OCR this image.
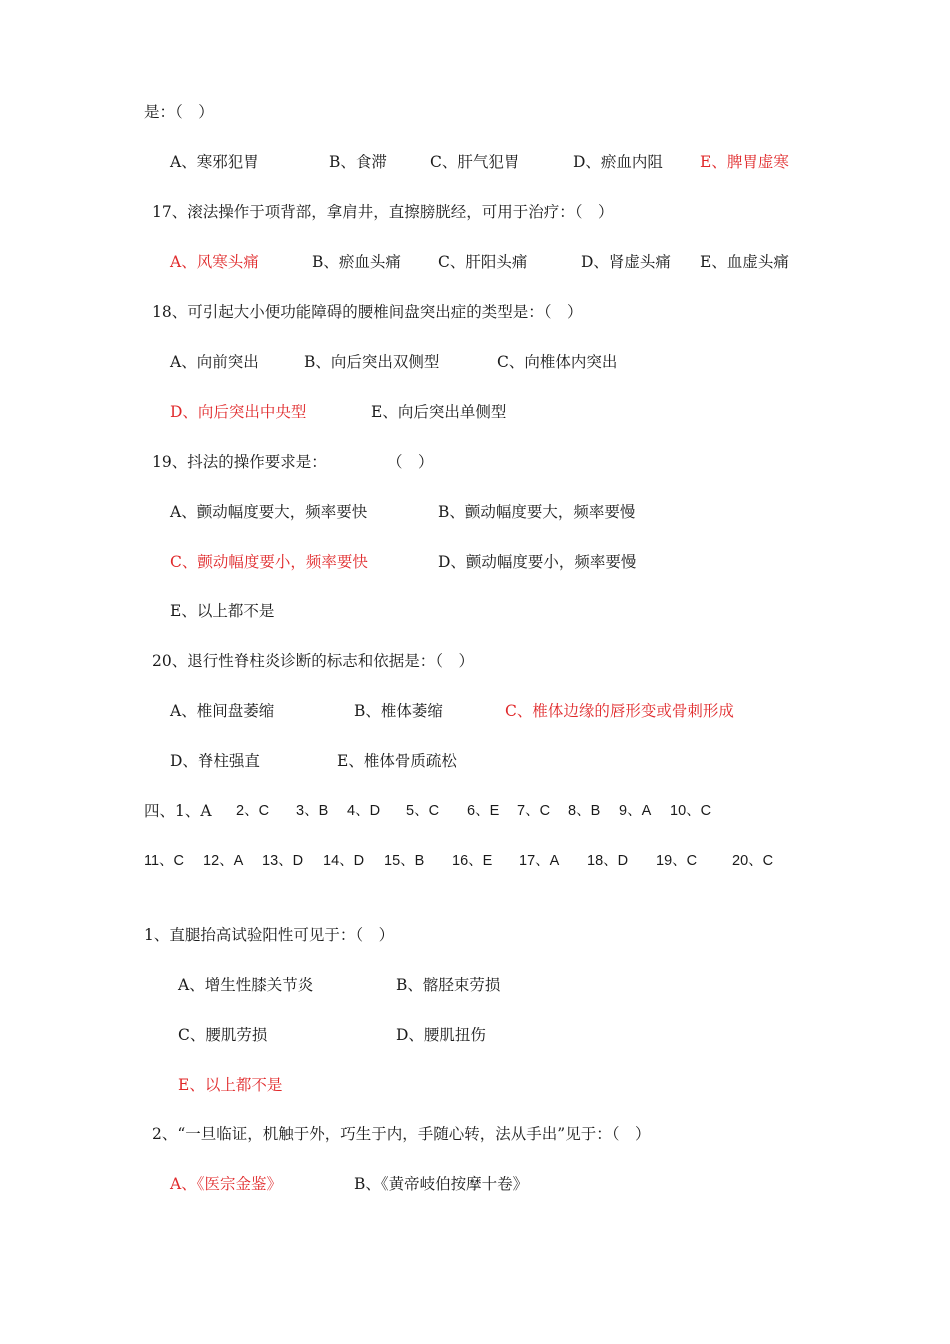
是：（　）
A、寒邪犯胃	B、食滞	C、肝气犯胃	D、瘀血内阻 E、脾胃虚寒
17、滚法操作于项背部，拿肩井，直擦膀胱经，可用于治疗：（　）
A、风寒头痛	B、瘀血头痛 C、肝阳头痛	D、肾虚头痛 E、血虚头痛
18、可引起大小便功能障碍的腰椎间盘突出症的类型是：（　）
A、向前突出	B、向后突出双侧型	C、向椎体内突出
D、向后突出中央型	E、向后突出单侧型
19、抖法的操作要求是：	（　）
A、颤动幅度要大，频率要快	B、颤动幅度要大，频率要慢
C、颤动幅度要小，频率要快	D、颤动幅度要小，频率要慢
E、以上都不是
20、退行性脊柱炎诊断的标志和依据是：（　）
A、椎间盘萎缩	B、椎体萎缩	C、椎体边缘的唇形变或骨刺形成
D、脊柱强直	E、椎体骨质疏松
四、1、A 2、C 3、B 4、D 5、C 6、E 7、C 8、B 9、A 10、C
11、C 12、A 13、D 14、D 15、B 16、E 17、A 18、D 19、C 20、C
1、直腿抬高试验阳性可见于：（　）
A、增生性膝关节炎	B、髂胫束劳损
C、腰肌劳损	D、腰肌扭伤
E、以上都不是
2、“一旦临证，机触于外，巧生于内，手随心转，法从手出”见于：（　）
A、《医宗金鉴》	B、《黄帝岐伯按摩十卷》
